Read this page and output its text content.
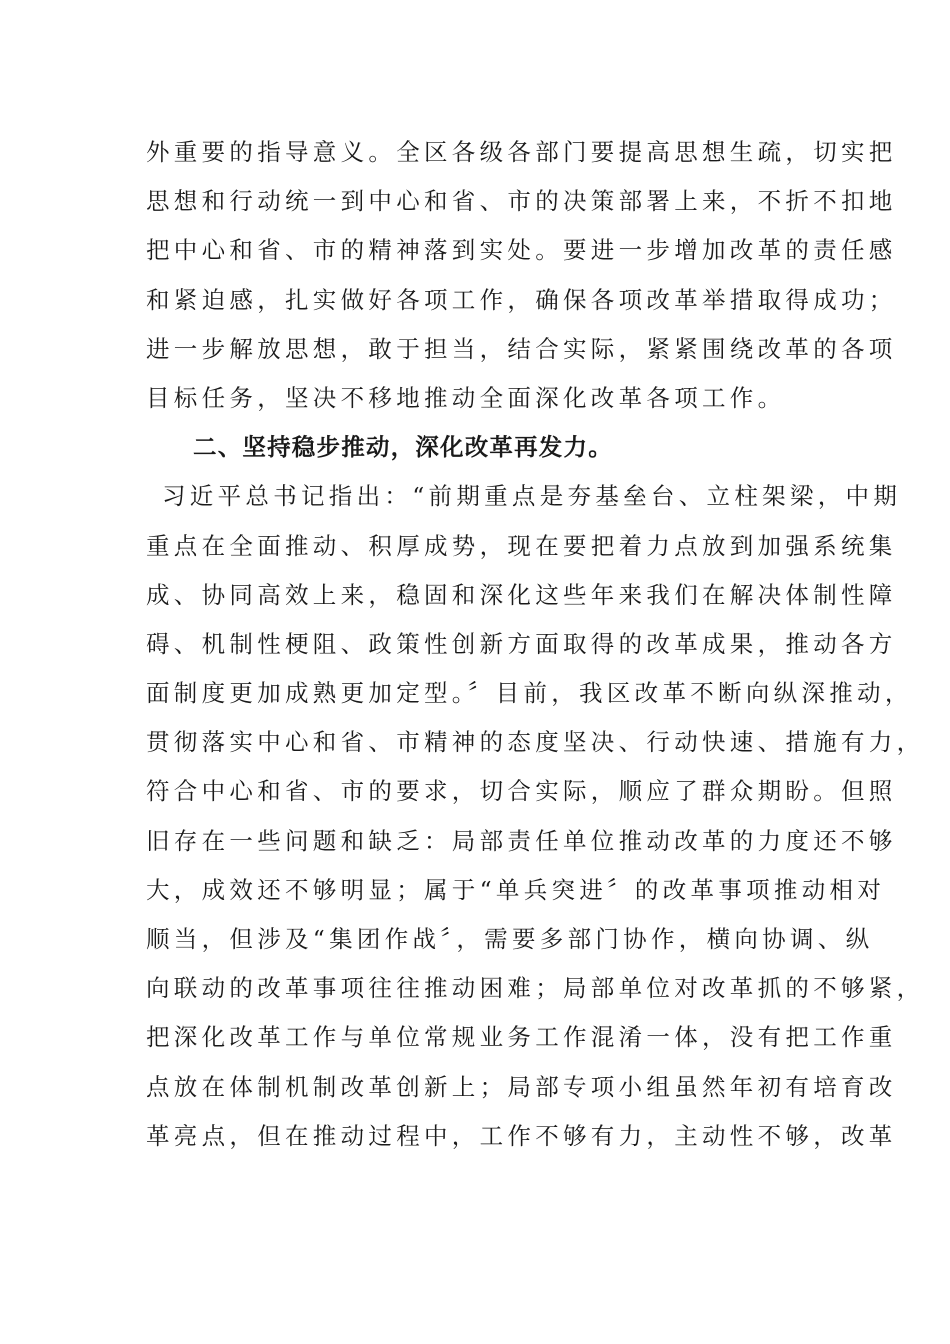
外重要的指导意义。全区各级各部门要提高思想生疏，切实把
思想和行动统一到中心和省、市的决策部署上来，不折不扣地
把中心和省、市的精神落到实处。要进一步增加改革的责任感
和紧迫感，扎实做好各项工作，确保各项改革举措取得成功；
进一步解放思想，敢于担当，结合实际，紧紧围绕改革的各项
目标任务，坚决不移地推动全面深化改革各项工作。
二、坚持稳步推动，深化改革再发力。
习近平总书记指出：“前期重点是夯基垒台、立柱架梁，中期
重点在全面推动、积厚成势，现在要把着力点放到加强系统集
成、协同高效上来，稳固和深化这些年来我们在解决体制性障
碍、机制性梗阻、政策性创新方面取得的改革成果，推动各方
面制度更加成熟更加定型。〞目前，我区改革不断向纵深推动，
贯彻落实中心和省、市精神的态度坚决、行动快速、措施有力，
符合中心和省、市的要求，切合实际，顺应了群众期盼。但照
旧存在一些问题和缺乏：局部责任单位推动改革的力度还不够
大，成效还不够明显；属于“单兵突进〞的改革事项推动相对
顺当，但涉及“集团作战〞，需要多部门协作，横向协调、纵
向联动的改革事项往往推动困难；局部单位对改革抓的不够紧，
把深化改革工作与单位常规业务工作混淆一体，没有把工作重
点放在体制机制改革创新上；局部专项小组虽然年初有培育改
革亮点，但在推动过程中，工作不够有力，主动性不够，改革
